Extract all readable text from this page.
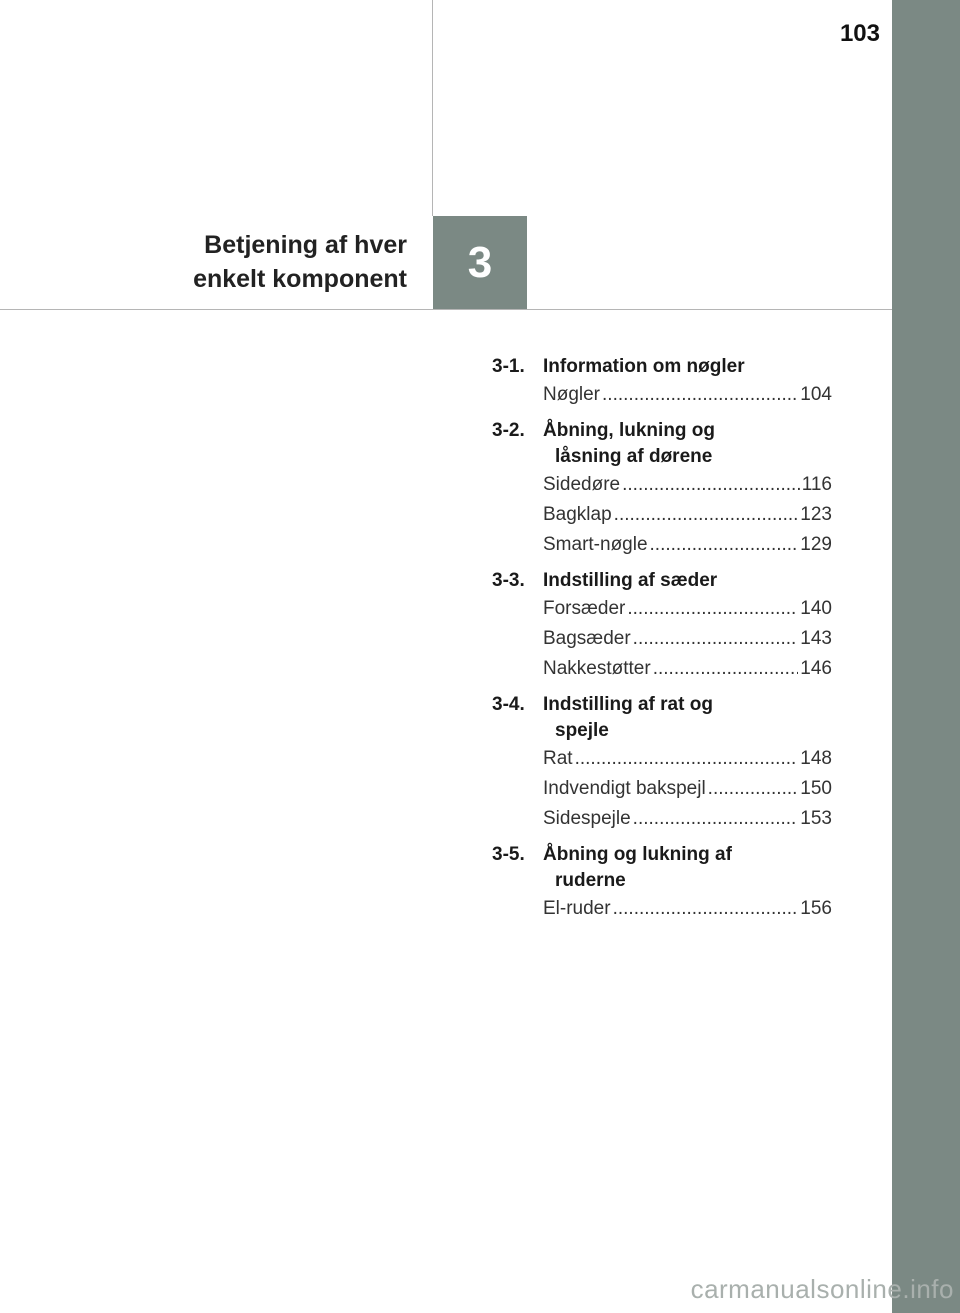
103
Betjening af hver
enkelt komponent 3
3-1. Information om nøgler
Nøgler .....	104
3-2. Åbning, lukning og
låsning af dørene
Sidedøre .....	116
Bagklap .....	123
Smart-nøgle .....	129
3-3. Indstilling af sæder
Forsæder .....	140
Bagsæder .....	143
Nakkestøtter .....	146
3-4. Indstilling af rat og
spejle
Rat .....	148
Indvendigt bakspejl .....	150
Sidespejle .....	153
3-5. Åbning og lukning af
ruderne
El-ruder .....	156
carmanualsonline.info
